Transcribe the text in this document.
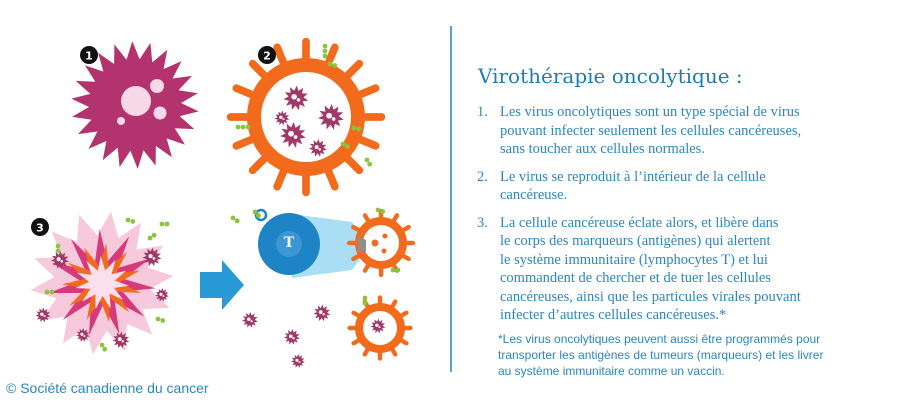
1	2
3
T
Virothérapie oncolytique :
1. Les virus oncolytiques sont un type spécial de virus
pouvant infecter seulement les cellules cancéreuses,
sans toucher aux cellules normales.
2. Le virus se reproduit à l’intérieur de la cellule
cancéreuse.
3. La cellule cancéreuse éclate alors, et libère dans
le corps des marqueurs (antigènes) qui alertent
le système immunitaire (lymphocytes T) et lui
commandent de chercher et de tuer les cellules
cancéreuses, ainsi que les particules virales pouvant
infecter d’autres cellules cancéreuses.*
*Les virus oncolytiques peuvent aussi être programmés pour
transporter les antigènes de tumeurs (marqueurs) et les livrer
au système immunitaire comme un vaccin.

© Société canadienne du cancer
